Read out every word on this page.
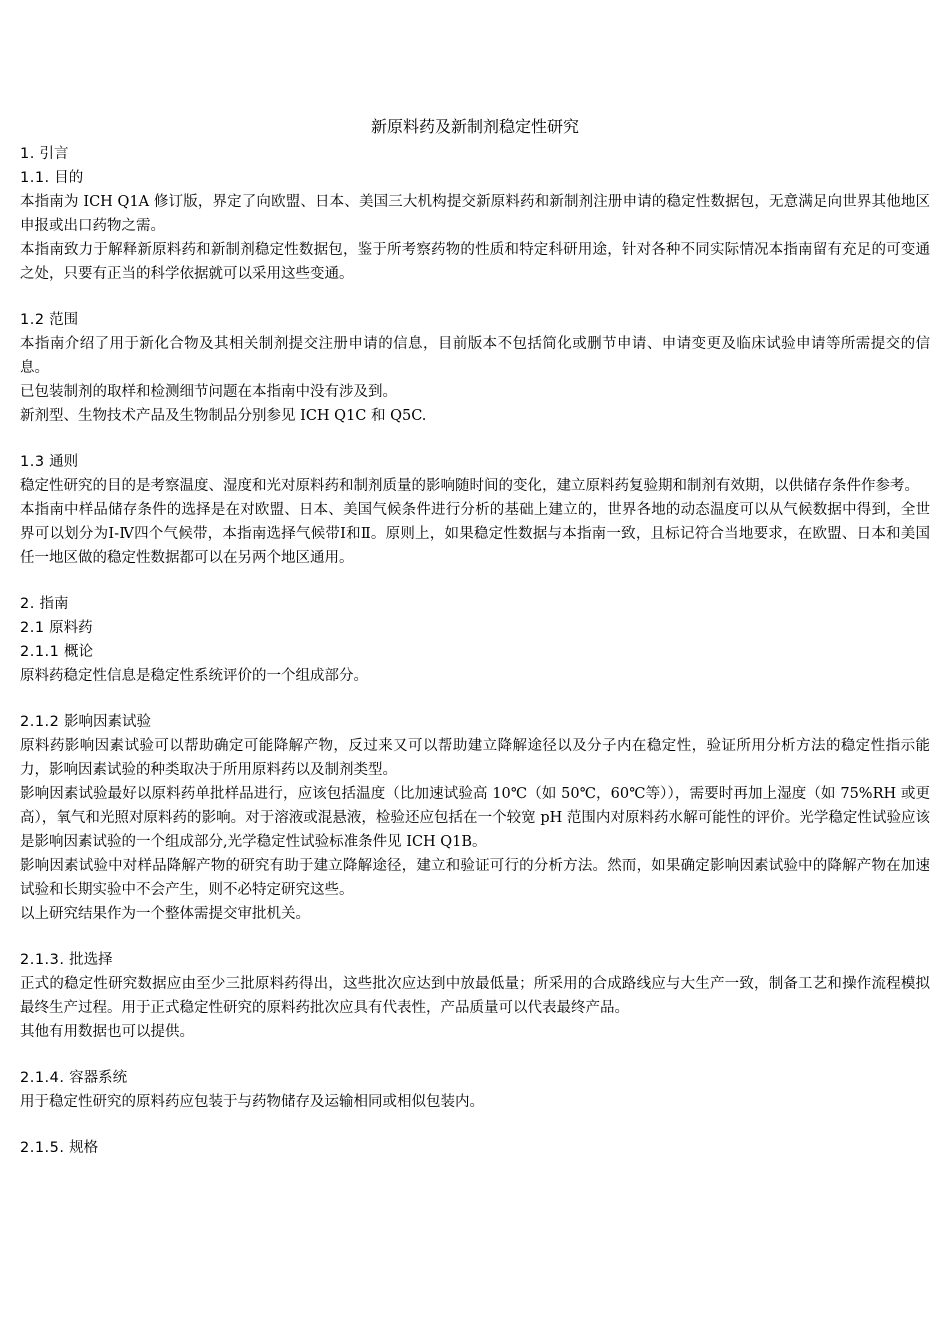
新原料药及新制剂稳定性研究
1. 引言
1.1. 目的

本指南为 ICH Q1A 修订版，界定了向欧盟、日本、美国三大机构提交新原料药和新制剂注册申请的稳定性数据包，无意满足向世界其他地区申报或出口药物之需。

本指南致力于解释新原料药和新制剂稳定性数据包，鉴于所考察药物的性质和特定科研用途，针对各种不同实际情况本指南留有充足的可变通之处，只要有正当的科学依据就可以采用这些变通。

1.2 范围

本指南介绍了用于新化合物及其相关制剂提交注册申请的信息，目前版本不包括简化或删节申请、申请变更及临床试验申请等所需提交的信息。

已包装制剂的取样和检测细节问题在本指南中没有涉及到。

新剂型、生物技术产品及生物制品分别参见 ICH Q1C 和 Q5C.

1.3 通则

稳定性研究的目的是考察温度、湿度和光对原料药和制剂质量的影响随时间的变化，建立原料药复验期和制剂有效期，以供储存条件作参考。

本指南中样品储存条件的选择是在对欧盟、日本、美国气候条件进行分析的基础上建立的，世界各地的动态温度可以从气候数据中得到，全世界可以划分为Ⅰ-Ⅳ四个气候带，本指南选择气候带Ⅰ和Ⅱ。原则上，如果稳定性数据与本指南一致，且标记符合当地要求，在欧盟、日本和美国任一地区做的稳定性数据都可以在另两个地区通用。

2. 指南
2.1 原料药
2.1.1 概论

原料药稳定性信息是稳定性系统评价的一个组成部分。

2.1.2 影响因素试验

原料药影响因素试验可以帮助确定可能降解产物，反过来又可以帮助建立降解途径以及分子内在稳定性，验证所用分析方法的稳定性指示能力，影响因素试验的种类取决于所用原料药以及制剂类型。

影响因素试验最好以原料药单批样品进行，应该包括温度（比加速试验高 10℃（如 50℃，60℃等）），需要时再加上湿度（如 75%RH 或更高），氧气和光照对原料药的影响。对于溶液或混悬液，检验还应包括在一个较宽 pH 范围内对原料药水解可能性的评价。光学稳定性试验应该是影响因素试验的一个组成部分,光学稳定性试验标准条件见 ICH Q1B。

影响因素试验中对样品降解产物的研究有助于建立降解途径，建立和验证可行的分析方法。然而，如果确定影响因素试验中的降解产物在加速试验和长期实验中不会产生，则不必特定研究这些。

以上研究结果作为一个整体需提交审批机关。

2.1.3. 批选择

正式的稳定性研究数据应由至少三批原料药得出，这些批次应达到中放最低量；所采用的合成路线应与大生产一致，制备工艺和操作流程模拟最终生产过程。用于正式稳定性研究的原料药批次应具有代表性，产品质量可以代表最终产品。

其他有用数据也可以提供。

2.1.4. 容器系统

用于稳定性研究的原料药应包装于与药物储存及运输相同或相似包装内。

2.1.5. 规格
